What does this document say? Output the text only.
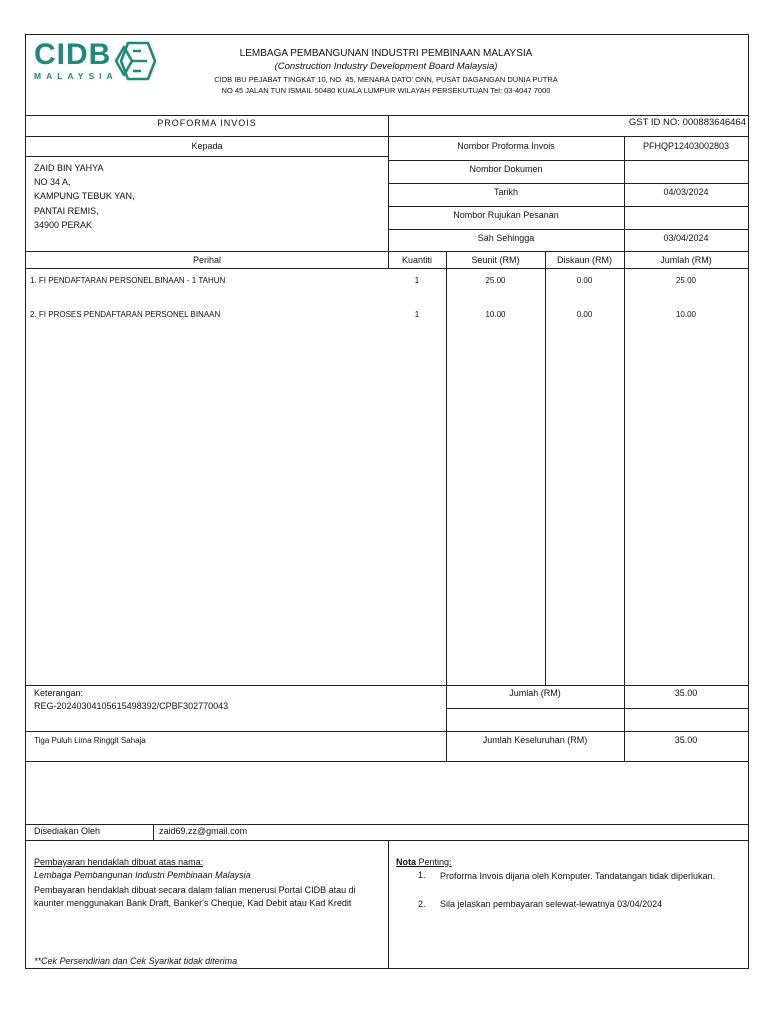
CIDB
MALAYSIA
LEMBAGA PEMBANGUNAN INDUSTRI PEMBINAAN MALAYSIA
(Construction Industry Development Board Malaysia)
CIDB IBU PEJABAT TINGKAT 10, NO. 45, MENARA DATO' ONN, PUSAT DAGANGAN DUNIA PUTRA
NO 45 JALAN TUN ISMAIL 50480 KUALA LUMPUR WILAYAH PERSEKUTUAN Tel: 03-4047 7000
PROFORMA INVOIS	GST ID NO: 000883646464
Kepada
ZAID BIN YAHYA
NO 34 A,
KAMPUNG TEBUK YAN,
PANTAI REMIS,
34900 PERAK
Nombor Proforma Invois	PFHQP12403002803
Nombor Dokumen
Tarikh	04/03/2024
Nombor Rujukan Pesanan
Sah Sehingga	03/04/2024
Perihal	Kuantiti	Seunit (RM)	Diskaun (RM)	Jumlah (RM)
1. FI PENDAFTARAN PERSONEL BINAAN - 1 TAHUN	1	25.00	0.00	25.00
2. FI PROSES PENDAFTARAN PERSONEL BINAAN	1	10.00	0.00	10.00
Keterangan:
REG-20240304105615498392/CPBF302770043
Jumlah (RM)	35.00
Tiga Puluh Lima Ringgit Sahaja	Jumlah Keseluruhan (RM)	35.00
Disediakan Oleh	zaid69.zz@gmail.com
Pembayaran hendaklah dibuat atas nama:
Lembaga Pembangunan Industri Pembinaan Malaysia
Pembayaran hendaklah dibuat secara dalam talian menerusi Portal CIDB atau di kaunter menggunakan Bank Draft, Banker's Cheque, Kad Debit atau Kad Kredit
**Cek Persendirian dan Cek Syarikat tidak diterima
Nota Penting:
1. Proforma Invois dijana oleh Komputer. Tandatangan tidak diperlukan.
2. Sila jelaskan pembayaran selewat-lewatnya 03/04/2024
